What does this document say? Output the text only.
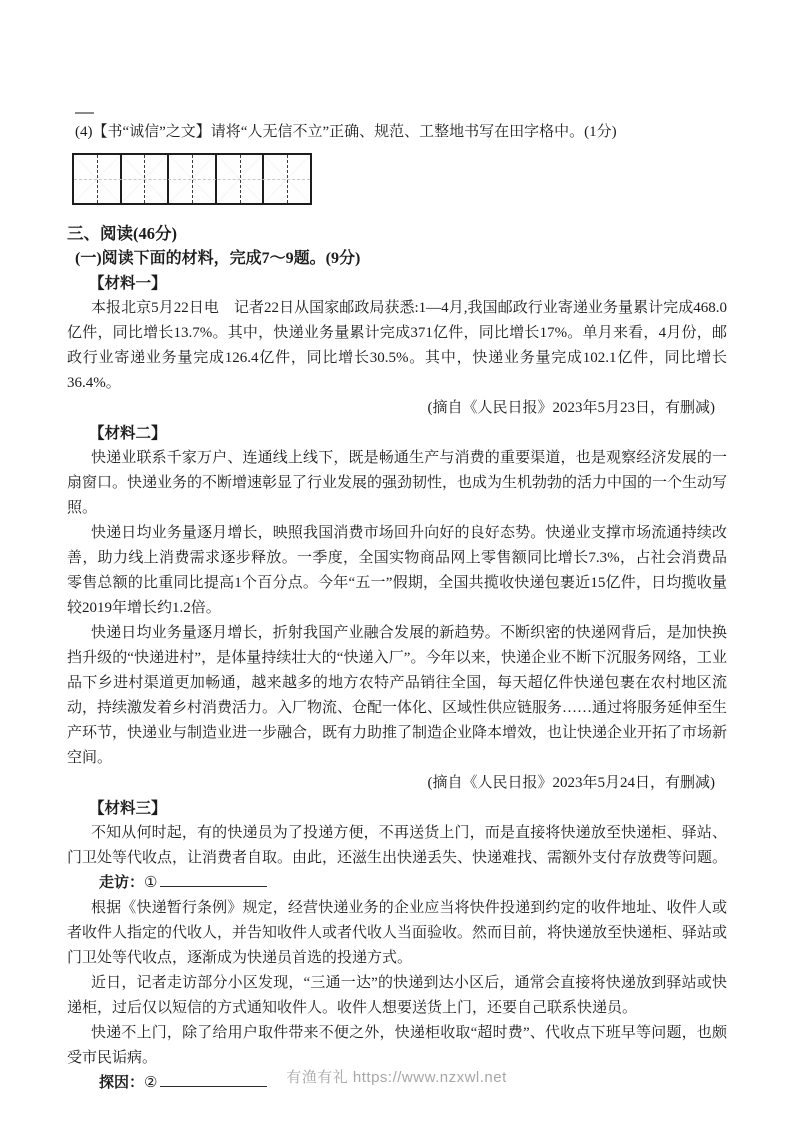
(4)【书“诚信”之文】请将“人无信不立”正确、规范、工整地书写在田字格中。(1分)
三、阅读(46分)
(一)阅读下面的材料，完成7～9题。(9分)
【材料一】

本报北京5月22日电　记者22日从国家邮政局获悉:1—4月,我国邮政行业寄递业务量累计完成468.0亿件，同比增长13.7%。其中，快递业务量累计完成371亿件，同比增长17%。单月来看，4月份，邮政行业寄递业务量完成126.4亿件，同比增长30.5%。其中，快递业务量完成102.1亿件，同比增长36.4%。

(摘自《人民日报》2023年5月23日，有删减)

【材料二】

快递业联系千家万户、连通线上线下，既是畅通生产与消费的重要渠道，也是观察经济发展的一扇窗口。快递业务的不断增速彰显了行业发展的强劲韧性，也成为生机勃勃的活力中国的一个生动写照。

快递日均业务量逐月增长，映照我国消费市场回升向好的良好态势。快递业支撑市场流通持续改善，助力线上消费需求逐步释放。一季度，全国实物商品网上零售额同比增长7.3%，占社会消费品零售总额的比重同比提高1个百分点。今年“五一”假期，全国共揽收快递包裹近15亿件，日均揽收量较2019年增长约1.2倍。

快递日均业务量逐月增长，折射我国产业融合发展的新趋势。不断织密的快递网背后，是加快换挡升级的“快递进村”，是体量持续壮大的“快递入厂”。今年以来，快递企业不断下沉服务网络，工业品下乡进村渠道更加畅通，越来越多的地方农特产品销往全国，每天超亿件快递包裹在农村地区流动，持续激发着乡村消费活力。入厂物流、仓配一体化、区域性供应链服务……通过将服务延伸至生产环节，快递业与制造业进一步融合，既有力助推了制造企业降本增效，也让快递企业开拓了市场新空间。

(摘自《人民日报》2023年5月24日，有删减)

【材料三】

不知从何时起，有的快递员为了投递方便，不再送货上门，而是直接将快递放至快递柜、驿站、门卫处等代收点，让消费者自取。由此，还滋生出快递丢失、快递难找、需额外支付存放费等问题。

走访：①

根据《快递暂行条例》规定，经营快递业务的企业应当将快件投递到约定的收件地址、收件人或者收件人指定的代收人，并告知收件人或者代收人当面验收。然而目前，将快递放至快递柜、驿站或门卫处等代收点，逐渐成为快递员首选的投递方式。

近日，记者走访部分小区发现，“三通一达”的快递到达小区后，通常会直接将快递放到驿站或快递柜，过后仅以短信的方式通知收件人。收件人想要送货上门，还要自己联系快递员。

快递不上门，除了给用户取件带来不便之外，快递柜收取“超时费”、代收点下班早等问题，也颇受市民诟病。

探因：②	有渔有礼 https://www.nzxwl.net
